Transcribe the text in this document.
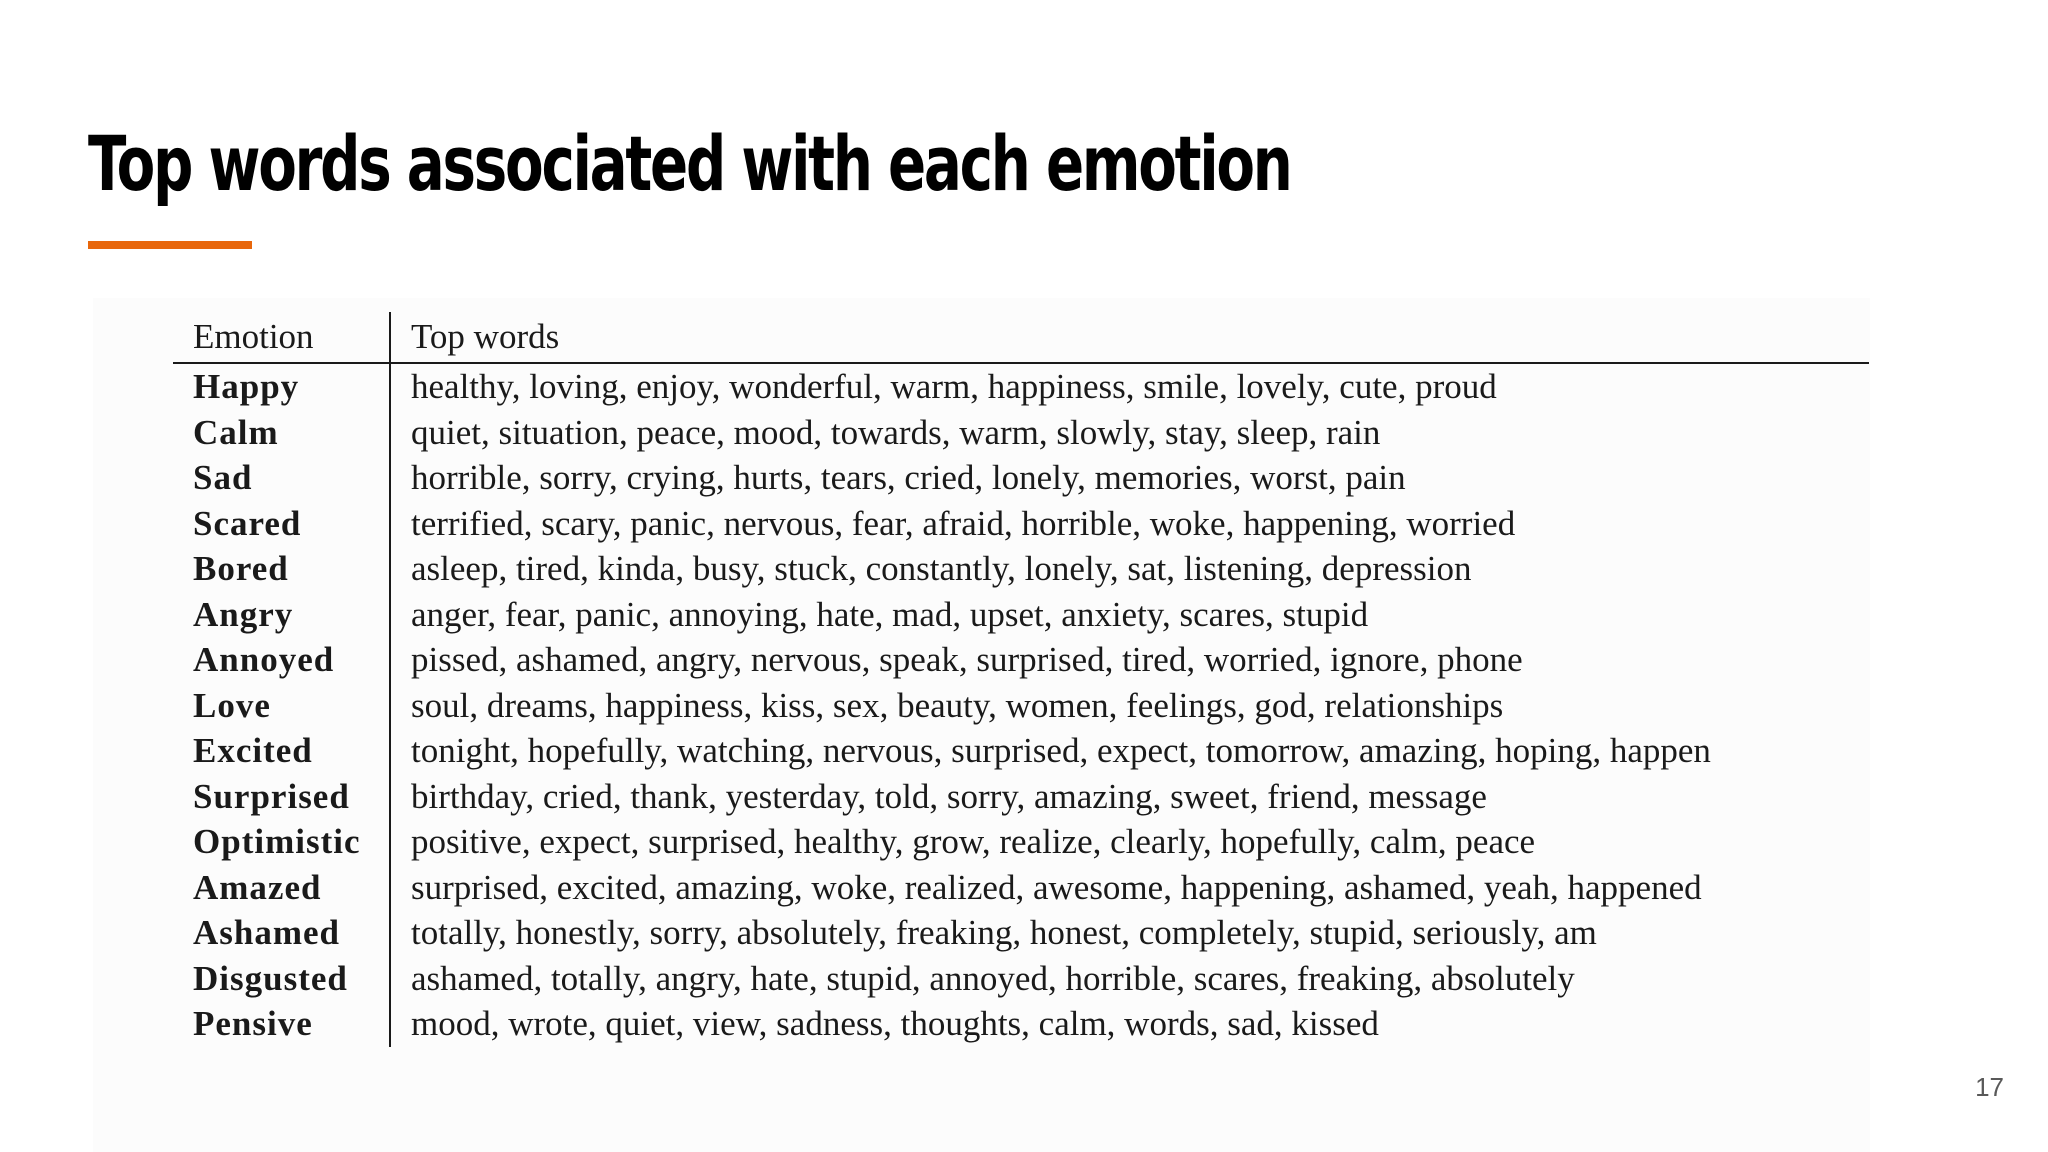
Top words associated with each emotion
Emotion	Top words
Happy	healthy, loving, enjoy, wonderful, warm, happiness, smile, lovely, cute, proud
Calm	quiet, situation, peace, mood, towards, warm, slowly, stay, sleep, rain
Sad	horrible, sorry, crying, hurts, tears, cried, lonely, memories, worst, pain
Scared	terrified, scary, panic, nervous, fear, afraid, horrible, woke, happening, worried
Bored	asleep, tired, kinda, busy, stuck, constantly, lonely, sat, listening, depression
Angry	anger, fear, panic, annoying, hate, mad, upset, anxiety, scares, stupid
Annoyed	pissed, ashamed, angry, nervous, speak, surprised, tired, worried, ignore, phone
Love	soul, dreams, happiness, kiss, sex, beauty, women, feelings, god, relationships
Excited	tonight, hopefully, watching, nervous, surprised, expect, tomorrow, amazing, hoping, happen
Surprised	birthday, cried, thank, yesterday, told, sorry, amazing, sweet, friend, message
Optimistic	positive, expect, surprised, healthy, grow, realize, clearly, hopefully, calm, peace
Amazed	surprised, excited, amazing, woke, realized, awesome, happening, ashamed, yeah, happened
Ashamed	totally, honestly, sorry, absolutely, freaking, honest, completely, stupid, seriously, am
Disgusted	ashamed, totally, angry, hate, stupid, annoyed, horrible, scares, freaking, absolutely
Pensive	mood, wrote, quiet, view, sadness, thoughts, calm, words, sad, kissed
17
